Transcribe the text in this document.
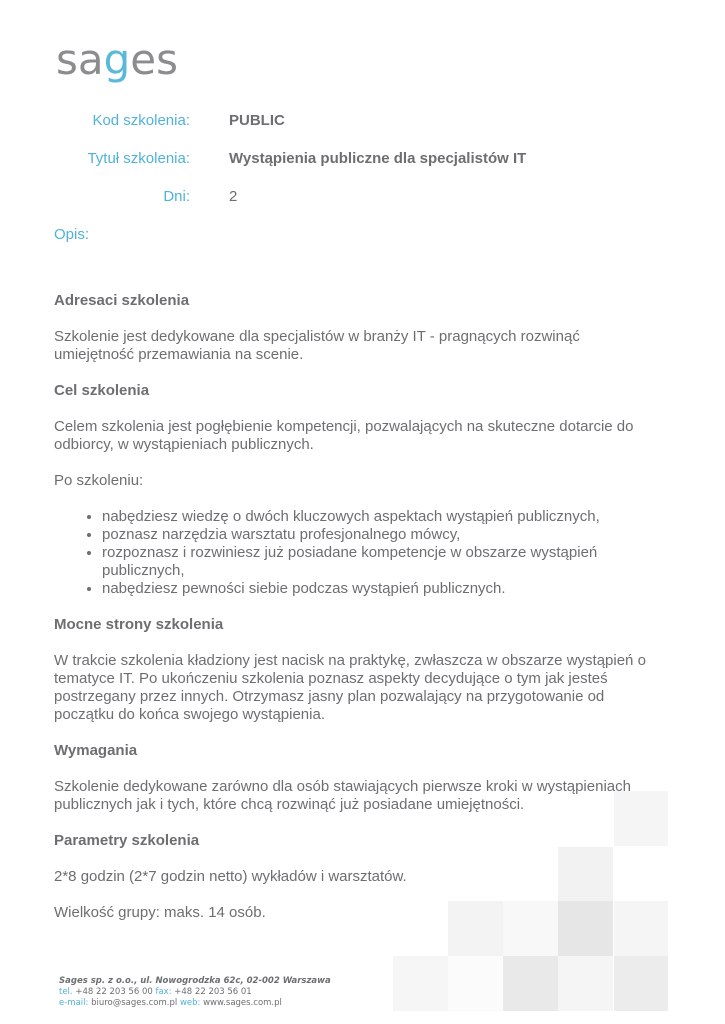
sages
Kod szkolenia:	PUBLIC
Tytuł szkolenia:	Wystąpienia publiczne dla specjalistów IT
Dni:	2
Opis:
Adresaci szkolenia

Szkolenie jest dedykowane dla specjalistów w branży IT - pragnących rozwinąć umiejętność przemawiania na scenie.

Cel szkolenia

Celem szkolenia jest pogłębienie kompetencji, pozwalających na skuteczne dotarcie do odbiorcy, w wystąpieniach publicznych.

Po szkoleniu:

• nabędziesz wiedzę o dwóch kluczowych aspektach wystąpień publicznych,
• poznasz narzędzia warsztatu profesjonalnego mówcy,
• rozpoznasz i rozwiniesz już posiadane kompetencje w obszarze wystąpień publicznych,
• nabędziesz pewności siebie podczas wystąpień publicznych.
Mocne strony szkolenia

W trakcie szkolenia kładziony jest nacisk na praktykę, zwłaszcza w obszarze wystąpień o tematyce IT. Po ukończeniu szkolenia poznasz aspekty decydujące o tym jak jesteś postrzegany przez innych. Otrzymasz jasny plan pozwalający na przygotowanie od początku do końca swojego wystąpienia.

Wymagania

Szkolenie dedykowane zarówno dla osób stawiających pierwsze kroki w wystąpieniach publicznych jak i tych, które chcą rozwinąć już posiadane umiejętności.

Parametry szkolenia

2*8 godzin (2*7 godzin netto) wykładów i warsztatów.

Wielkość grupy: maks. 14 osób.

Sages sp. z o.o., ul. Nowogrodzka 62c, 02-002 Warszawa
tel. +48 22 203 56 00 fax: +48 22 203 56 01
e-mail: biuro@sages.com.pl web: www.sages.com.pl
